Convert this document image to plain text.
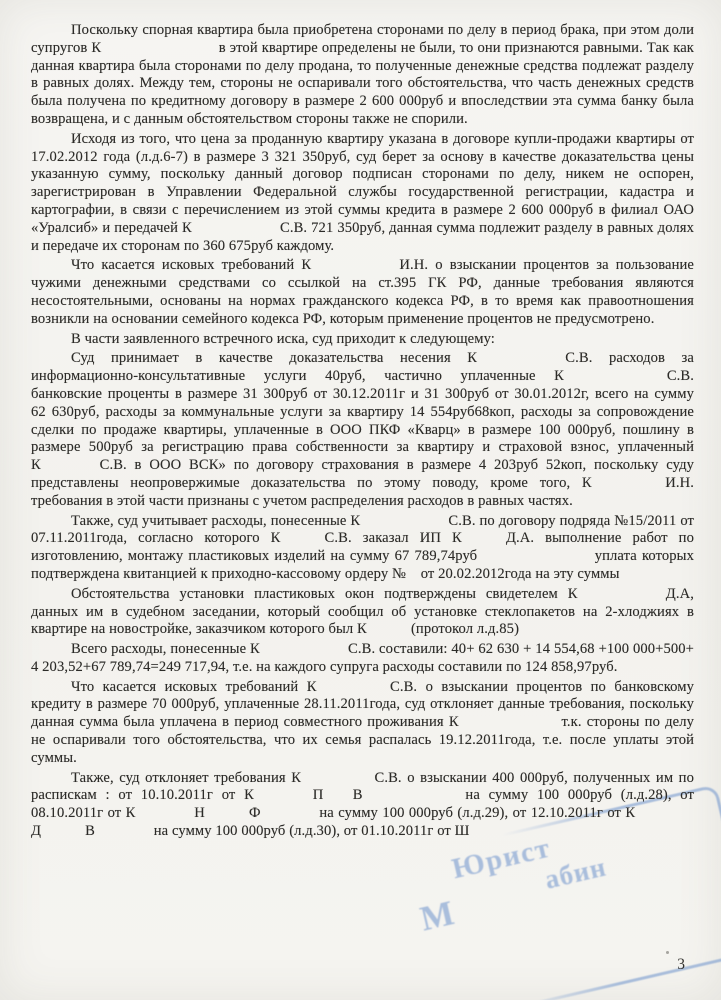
Юрист
М
абин

Поскольку спорная квартира была приобретена сторонами по делу в период брака, при этом доли супругов К        в этой квартире определены не были, то они признаются равными. Так как данная квартира была сторонами по делу продана, то полученные денежные средства подлежат разделу в равных долях. Между тем, стороны не оспаривали того обстоятельства, что часть денежных средств была получена по кредитному договору в размере 2 600 000руб и впоследствии эта сумма банку была возвращена, и с данным обстоятельством стороны также не спорили.

Исходя из того, что цена за проданную квартиру указана в договоре купли-продажи квартиры от 17.02.2012 года (л.д.6-7) в размере 3 321 350руб, суд берет за основу в качестве доказательства цены указанную сумму, поскольку данный договор подписан сторонами по делу, никем не оспорен, зарегистрирован в Управлении Федеральной службы государственной регистрации, кадастра и картографии, в связи с перечислением из этой суммы кредита в размере 2 600 000руб в филиал ОАО «Уралсиб» и передачей К      С.В. 721 350руб, данная сумма подлежит разделу в равных долях и передаче их сторонам по 360 675руб каждому.

Что касается исковых требований К      И.Н. о взыскании процентов за пользование чужими денежными средствами со ссылкой на ст.395 ГК РФ, данные требования являются несостоятельными, основаны на нормах гражданского кодекса РФ, в то время как правоотношения возникли на основании семейного кодекса РФ, которым применение процентов не предусмотрено.

В части заявленного встречного иска, суд приходит к следующему:

Суд принимает в качестве доказательства несения К      С.В. расходов за информационно-консультативные услуги 40руб, частично уплаченные К       С.В. банковские проценты в размере 31 300руб от 30.12.2011г и 31 300руб от 30.01.2012г, всего на сумму 62 630руб, расходы за коммунальные услуги за квартиру 14 554руб68коп, расходы за сопровождение сделки по продаже квартиры, уплаченные в ООО ПКФ «Кварц» в размере 100 000руб, пошлину в размере 500руб за регистрацию права собственности за квартиру и страховой взнос, уплаченный К    С.В. в ООО ВСК» по договору страхования в размере 4 203руб 52коп, поскольку суду представлены неопровержимые доказательства по этому поводу, кроме того, К     И.Н. требования в этой части признаны с учетом распределения расходов в равных частях.

Также, суд учитывает расходы, понесенные К      С.В. по договору подряда №15/2011 от 07.11.2011года, согласно которого К   С.В. заказал ИП К   Д.А. выполнение работ по изготовлению, монтажу пластиковых изделий на сумму 67 789,74руб        уплата которых подтверждена квитанцией к приходно-кассовому ордеру № от 20.02.2012года на эту суммы

Обстоятельства установки пластиковых окон подтверждены свидетелем К      Д.А, данных им в судебном заседании, который сообщил об установке стеклопакетов на 2-хлоджиях в квартире на новостройке, заказчиком которого был К   (протокол л.д.85)

Всего расходы, понесенные К      С.В. составили: 40+ 62 630 + 14 554,68 +100 000+500+ 4 203,52+67 789,74=249 717,94, т.е. на каждого супруга расходы составили по 124 858,97руб.

Что касается исковых требований К     С.В. о взыскании процентов по банковскому кредиту в размере 70 000руб, уплаченные 28.11.2011года, суд отклоняет данные требования, поскольку данная сумма была уплачена в период совместного проживания К       т.к. стороны по делу не оспаривали того обстоятельства, что их семья распалась 19.12.2011года, т.е. после уплаты этой суммы.

Также, суд отклоняет требования К     С.В. о взыскании 400 000руб, полученных им по распискам : от 10.10.2011г от К    П  В       на сумму 100 000руб (л.д.28), от 08.10.2011г от К    Н   Ф    на сумму 100 000руб (л.д.29), от 12.10.2011г от К    Д   В    на сумму 100 000руб (л.д.30), от 01.10.2011г от Ш

3
